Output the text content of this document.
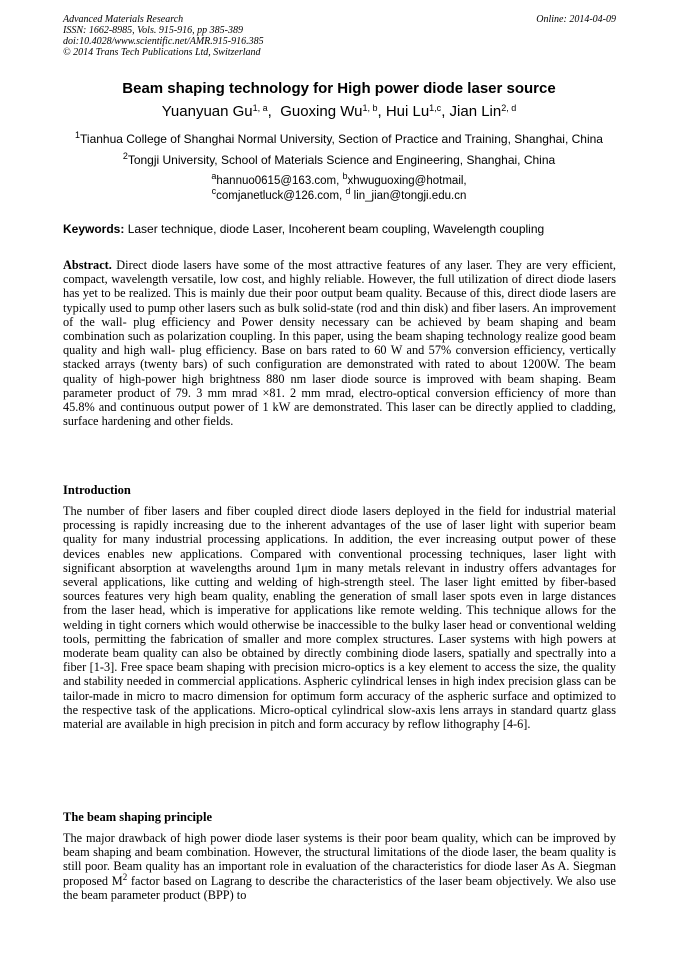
Advanced Materials Research
ISSN: 1662-8985, Vols. 915-916, pp 385-389
doi:10.4028/www.scientific.net/AMR.915-916.385
© 2014 Trans Tech Publications Ltd, Switzerland
Online: 2014-04-09
Beam shaping technology for High power diode laser source
Yuanyuan Gu$^{1, a}$,  Guoxing Wu$^{1, b}$, Hui Lu$^{1,c}$, Jian Lin$^{2, d}$
$^1$Tianhua College of Shanghai Normal University, Section of Practice and Training, Shanghai, China
$^2$Tongji University, School of Materials Science and Engineering, Shanghai, China
$^a$hannuo0615@163.com, $^b$xhwuguoxing@hotmail,
$^c$comjanetluck@126.com, $^d$ lin_jian@tongji.edu.cn
Keywords: Laser technique, diode Laser, Incoherent beam coupling, Wavelength coupling
Abstract. Direct diode lasers have some of the most attractive features of any laser. They are very efficient, compact, wavelength versatile, low cost, and highly reliable. However, the full utilization of direct diode lasers has yet to be realized. This is mainly due their poor output beam quality. Because of this, direct diode lasers are typically used to pump other lasers such as bulk solid-state (rod and thin disk) and fiber lasers. An improvement of the wall- plug efficiency and Power density necessary can be achieved by beam shaping and beam combination such as polarization coupling. In this paper, using the beam shaping technology realize good beam quality and high wall- plug efficiency. Base on bars rated to 60 W and 57% conversion efficiency, vertically stacked arrays (twenty bars) of such configuration are demonstrated with rated to about 1200W. The beam quality of high-power high brightness 880 nm laser diode source is improved with beam shaping. Beam parameter product of 79. 3 mm mrad ×81. 2 mm mrad, electro-optical conversion efficiency of more than 45.8% and continuous output power of 1 kW are demonstrated. This laser can be directly applied to cladding, surface hardening and other fields.
Introduction
The number of fiber lasers and fiber coupled direct diode lasers deployed in the field for industrial material processing is rapidly increasing due to the inherent advantages of the use of laser light with superior beam quality for many industrial processing applications. In addition, the ever increasing output power of these devices enables new applications. Compared with conventional processing techniques, laser light with significant absorption at wavelengths around 1μm in many metals relevant in industry offers advantages for several applications, like cutting and welding of high-strength steel. The laser light emitted by fiber-based sources features very high beam quality, enabling the generation of small laser spots even in large distances from the laser head, which is imperative for applications like remote welding. This technique allows for the welding in tight corners which would otherwise be inaccessible to the bulky laser head or conventional welding tools, permitting the fabrication of smaller and more complex structures. Laser systems with high powers at moderate beam quality can also be obtained by directly combining diode lasers, spatially and spectrally into a fiber [1-3]. Free space beam shaping with precision micro-optics is a key element to access the size, the quality and stability needed in commercial applications. Aspheric cylindrical lenses in high index precision glass can be tailor-made in micro to macro dimension for optimum form accuracy of the aspheric surface and optimized to the respective task of the applications. Micro-optical cylindrical slow-axis lens arrays in standard quartz glass material are available in high precision in pitch and form accuracy by reflow lithography [4-6].
The beam shaping principle
The major drawback of high power diode laser systems is their poor beam quality, which can be improved by beam shaping and beam combination. However, the structural limitations of the diode laser, the beam quality is still poor. Beam quality has an important role in evaluation of the characteristics for diode laser As A. Siegman proposed $M^2$ factor based on Lagrang to describe the characteristics of the laser beam objectively. We also use the beam parameter product (BPP) to
